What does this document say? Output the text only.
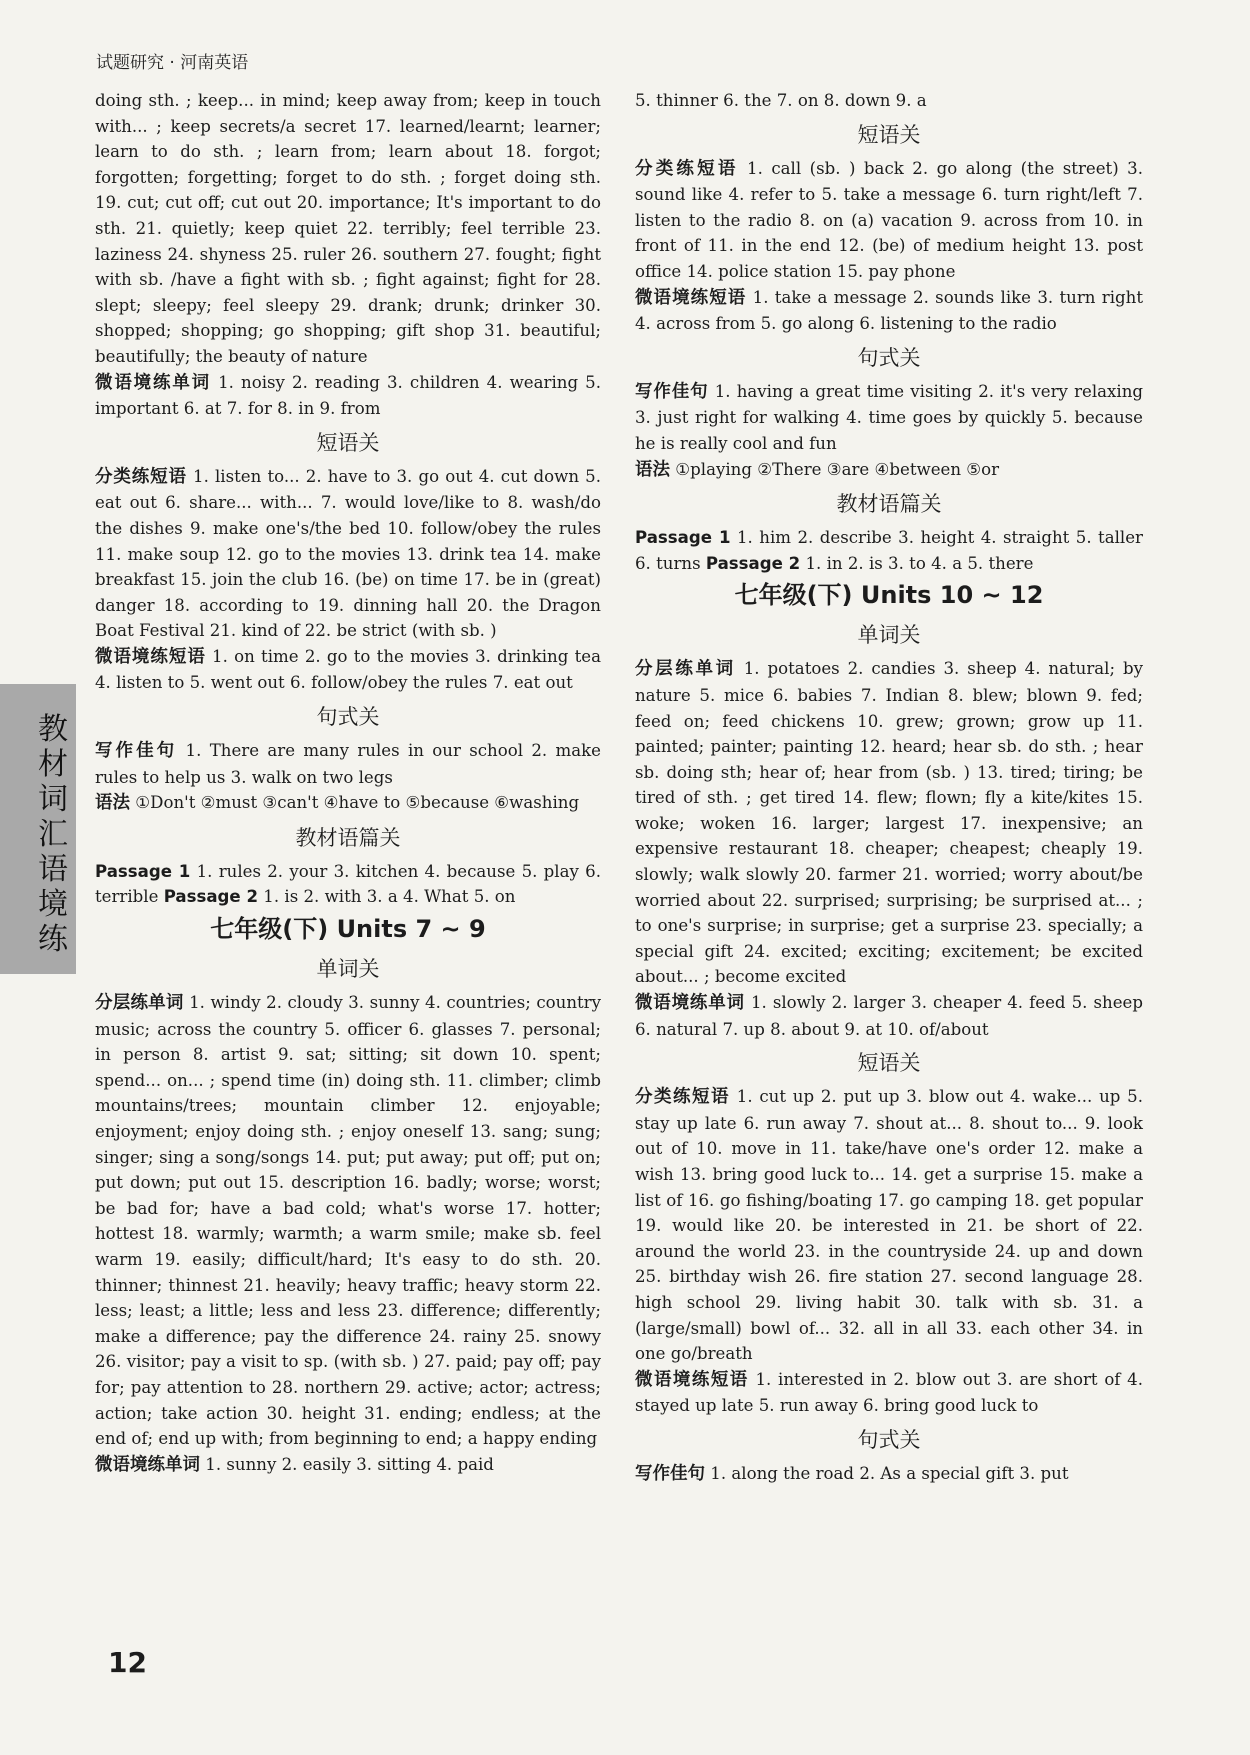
试题研究 · 河南英语
教材词汇语境练

doing sth. ; keep... in mind; keep away from; keep in touch with... ; keep secrets/a secret 17. learned/learnt; learner; learn to do sth. ; learn from; learn about 18. forgot; forgotten; forgetting; forget to do sth. ; forget doing sth. 19. cut; cut off; cut out 20. importance; It's important to do sth. 21. quietly; keep quiet 22. terribly; feel terrible 23. laziness 24. shyness 25. ruler 26. southern 27. fought; fight with sb. /have a fight with sb. ; fight against; fight for 28. slept; sleepy; feel sleepy 29. drank; drunk; drinker 30. shopped; shopping; go shopping; gift shop 31. beautiful; beautifully; the beauty of nature

微语境练单词 1. noisy 2. reading 3. children 4. wearing 5. important 6. at 7. for 8. in 9. from

短语关

分类练短语 1. listen to... 2. have to 3. go out 4. cut down 5. eat out 6. share... with... 7. would love/like to 8. wash/do the dishes 9. make one's/the bed 10. follow/obey the rules 11. make soup 12. go to the movies 13. drink tea 14. make breakfast 15. join the club 16. (be) on time 17. be in (great) danger 18. according to 19. dinning hall 20. the Dragon Boat Festival 21. kind of 22. be strict (with sb. )

微语境练短语 1. on time 2. go to the movies 3. drinking tea 4. listen to 5. went out 6. follow/obey the rules 7. eat out

句式关

写作佳句 1. There are many rules in our school 2. make rules to help us 3. walk on two legs

语法 ①Don't ②must ③can't ④have to ⑤because ⑥washing

教材语篇关

Passage 1 1. rules 2. your 3. kitchen 4. because 5. play 6. terrible Passage 2 1. is 2. with 3. a 4. What 5. on

七年级(下) Units 7 ~ 9
单词关

分层练单词 1. windy 2. cloudy 3. sunny 4. countries; country music; across the country 5. officer 6. glasses 7. personal; in person 8. artist 9. sat; sitting; sit down 10. spent; spend... on... ; spend time (in) doing sth. 11. climber; climb mountains/trees; mountain climber 12. enjoyable; enjoyment; enjoy doing sth. ; enjoy oneself 13. sang; sung; singer; sing a song/songs 14. put; put away; put off; put on; put down; put out 15. description 16. badly; worse; worst; be bad for; have a bad cold; what's worse 17. hotter; hottest 18. warmly; warmth; a warm smile; make sb. feel warm 19. easily; difficult/hard; It's easy to do sth. 20. thinner; thinnest 21. heavily; heavy traffic; heavy storm 22. less; least; a little; less and less 23. difference; differently; make a difference; pay the difference 24. rainy 25. snowy 26. visitor; pay a visit to sp. (with sb. ) 27. paid; pay off; pay for; pay attention to 28. northern 29. active; actor; actress; action; take action 30. height 31. ending; endless; at the end of; end up with; from beginning to end; a happy ending

微语境练单词 1. sunny 2. easily 3. sitting 4. paid

5. thinner 6. the 7. on 8. down 9. a

短语关

分类练短语 1. call (sb. ) back 2. go along (the street) 3. sound like 4. refer to 5. take a message 6. turn right/left 7. listen to the radio 8. on (a) vacation 9. across from 10. in front of 11. in the end 12. (be) of medium height 13. post office 14. police station 15. pay phone

微语境练短语 1. take a message 2. sounds like 3. turn right 4. across from 5. go along 6. listening to the radio

句式关

写作佳句 1. having a great time visiting 2. it's very relaxing 3. just right for walking 4. time goes by quickly 5. because he is really cool and fun

语法 ①playing ②There ③are ④between ⑤or

教材语篇关

Passage 1 1. him 2. describe 3. height 4. straight 5. taller 6. turns Passage 2 1. in 2. is 3. to 4. a 5. there

七年级(下) Units 10 ~ 12
单词关

分层练单词 1. potatoes 2. candies 3. sheep 4. natural; by nature 5. mice 6. babies 7. Indian 8. blew; blown 9. fed; feed on; feed chickens 10. grew; grown; grow up 11. painted; painter; painting 12. heard; hear sb. do sth. ; hear sb. doing sth; hear of; hear from (sb. ) 13. tired; tiring; be tired of sth. ; get tired 14. flew; flown; fly a kite/kites 15. woke; woken 16. larger; largest 17. inexpensive; an expensive restaurant 18. cheaper; cheapest; cheaply 19. slowly; walk slowly 20. farmer 21. worried; worry about/be worried about 22. surprised; surprising; be surprised at... ; to one's surprise; in surprise; get a surprise 23. specially; a special gift 24. excited; exciting; excitement; be excited about... ; become excited

微语境练单词 1. slowly 2. larger 3. cheaper 4. feed 5. sheep 6. natural 7. up 8. about 9. at 10. of/about

短语关

分类练短语 1. cut up 2. put up 3. blow out 4. wake... up 5. stay up late 6. run away 7. shout at... 8. shout to... 9. look out of 10. move in 11. take/have one's order 12. make a wish 13. bring good luck to... 14. get a surprise 15. make a list of 16. go fishing/boating 17. go camping 18. get popular 19. would like 20. be interested in 21. be short of 22. around the world 23. in the countryside 24. up and down 25. birthday wish 26. fire station 27. second language 28. high school 29. living habit 30. talk with sb. 31. a (large/small) bowl of... 32. all in all 33. each other 34. in one go/breath

微语境练短语 1. interested in 2. blow out 3. are short of 4. stayed up late 5. run away 6. bring good luck to

句式关

写作佳句 1. along the road 2. As a special gift 3. put

12
